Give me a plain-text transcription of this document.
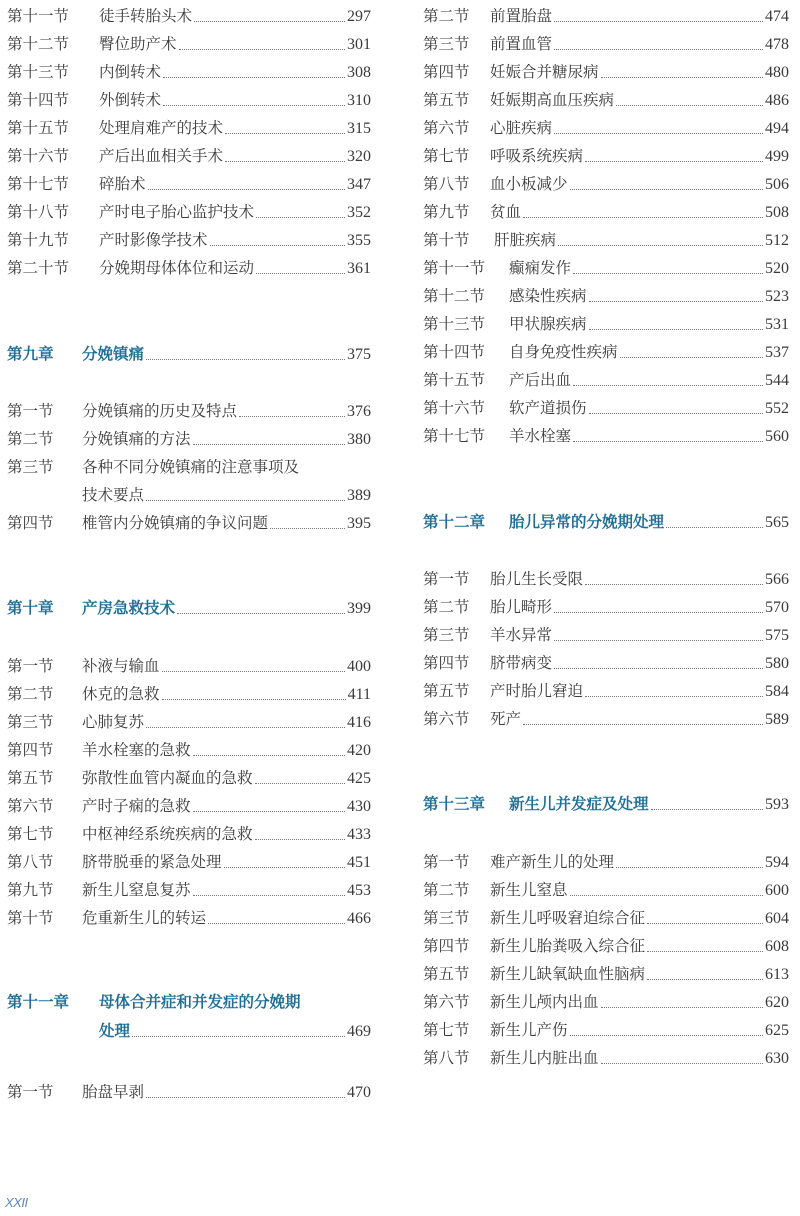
第十一节	徒手转胎头术	297
第十二节	臀位助产术	301
第十三节	内倒转术	308
第十四节	外倒转术	310
第十五节	处理肩难产的技术	315
第十六节	产后出血相关手术	320
第十七节	碎胎术	347
第十八节	产时电子胎心监护技术	352
第十九节	产时影像学技术	355
第二十节	分娩期母体体位和运动	361
第九章	分娩镇痛	375
第一节	分娩镇痛的历史及特点	376
第二节	分娩镇痛的方法	380
第三节	各种不同分娩镇痛的注意事项及
技术要点	389
第四节	椎管内分娩镇痛的争议问题	395
第十章	产房急救技术	399
第一节	补液与输血	400
第二节	休克的急救	411
第三节	心肺复苏	416
第四节	羊水栓塞的急救	420
第五节	弥散性血管内凝血的急救	425
第六节	产时子痫的急救	430
第七节	中枢神经系统疾病的急救	433
第八节	脐带脱垂的紧急处理	451
第九节	新生儿窒息复苏	453
第十节	危重新生儿的转运	466
第十一章	母体合并症和并发症的分娩期
处理	469
第一节	胎盘早剥	470
第二节	前置胎盘	474
第三节	前置血管	478
第四节	妊娠合并糖尿病	480
第五节	妊娠期高血压疾病	486
第六节	心脏疾病	494
第七节	呼吸系统疾病	499
第八节	血小板减少	506
第九节	贫血	508
第十节	肝脏疾病	512
第十一节	癫痫发作	520
第十二节	感染性疾病	523
第十三节	甲状腺疾病	531
第十四节	自身免疫性疾病	537
第十五节	产后出血	544
第十六节	软产道损伤	552
第十七节	羊水栓塞	560
第十二章	胎儿异常的分娩期处理	565
第一节	胎儿生长受限	566
第二节	胎儿畸形	570
第三节	羊水异常	575
第四节	脐带病变	580
第五节	产时胎儿窘迫	584
第六节	死产	589
第十三章	新生儿并发症及处理	593
第一节	难产新生儿的处理	594
第二节	新生儿窒息	600
第三节	新生儿呼吸窘迫综合征	604
第四节	新生儿胎粪吸入综合征	608
第五节	新生儿缺氧缺血性脑病	613
第六节	新生儿颅内出血	620
第七节	新生儿产伤	625
第八节	新生儿内脏出血	630
XXII
